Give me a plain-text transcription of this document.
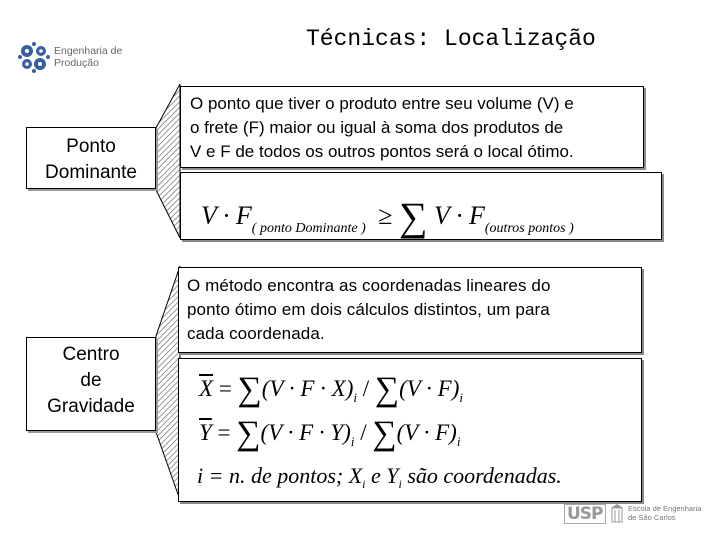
Técnicas: Localização
Engenharia de
Produção
Ponto
Dominante
O ponto que tiver o produto entre seu volume (V) e
o frete (F) maior ou igual à soma dos produtos de
V e F de todos os outros pontos será o local ótimo.
$V \cdot F_{( ponto Dominante )}$ ≥ ∑ $V \cdot F_{(outros pontos )}$
Centro
de
Gravidade
O método encontra as coordenadas lineares do
ponto ótimo em dois cálculos distintos, um para
cada coordenada.
$\overline{X} = \sum(V \cdot F \cdot X)_i / \sum(V \cdot F)_i$
$\overline{Y} = \sum(V \cdot F \cdot Y)_i / \sum(V \cdot F)_i$
i = n. de pontos; $X_i$ e $Y_i$ são coordenadas.
USP	Escola de Engenharia
de São Carlos
